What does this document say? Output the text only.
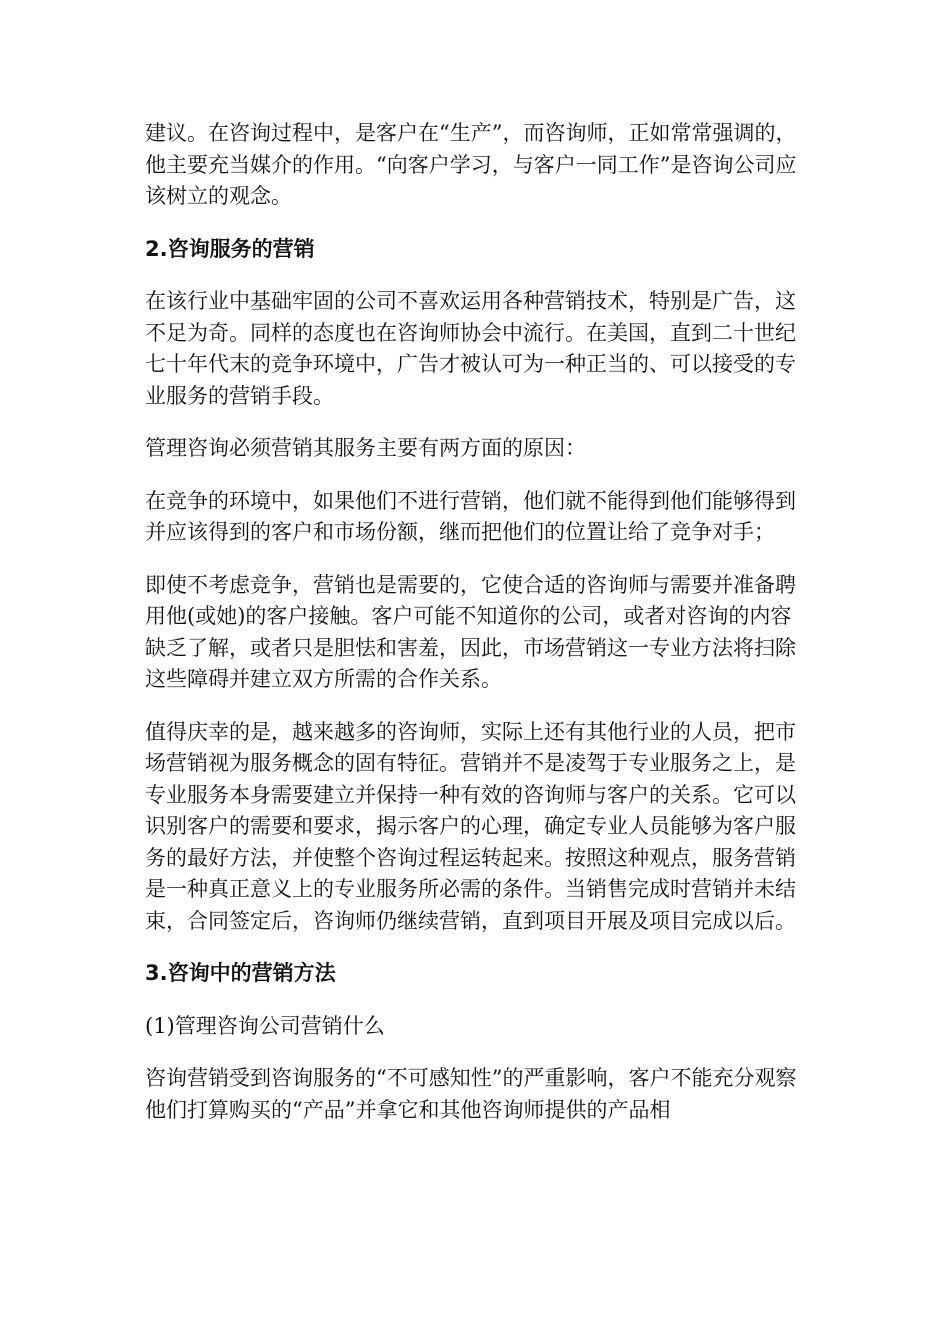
建议。在咨询过程中，是客户在“生产”，而咨询师，正如常常强调的，他主要充当媒介的作用。“向客户学习，与客户一同工作”是咨询公司应该树立的观念。

2.咨询服务的营销

在该行业中基础牢固的公司不喜欢运用各种营销技术，特别是广告，这不足为奇。同样的态度也在咨询师协会中流行。在美国，直到二十世纪七十年代末的竞争环境中，广告才被认可为一种正当的、可以接受的专业服务的营销手段。

管理咨询必须营销其服务主要有两方面的原因：

在竞争的环境中，如果他们不进行营销，他们就不能得到他们能够得到并应该得到的客户和市场份额，继而把他们的位置让给了竞争对手；

即使不考虑竞争，营销也是需要的，它使合适的咨询师与需要并准备聘用他(或她)的客户接触。客户可能不知道你的公司，或者对咨询的内容缺乏了解，或者只是胆怯和害羞，因此，市场营销这一专业方法将扫除这些障碍并建立双方所需的合作关系。

值得庆幸的是，越来越多的咨询师，实际上还有其他行业的人员，把市场营销视为服务概念的固有特征。营销并不是凌驾于专业服务之上，是专业服务本身需要建立并保持一种有效的咨询师与客户的关系。它可以识别客户的需要和要求，揭示客户的心理，确定专业人员能够为客户服务的最好方法，并使整个咨询过程运转起来。按照这种观点，服务营销是一种真正意义上的专业服务所必需的条件。当销售完成时营销并未结束，合同签定后，咨询师仍继续营销，直到项目开展及项目完成以后。

3.咨询中的营销方法

(1)管理咨询公司营销什么

咨询营销受到咨询服务的“不可感知性”的严重影响，客户不能充分观察他们打算购买的“产品”并拿它和其他咨询师提供的产品相
